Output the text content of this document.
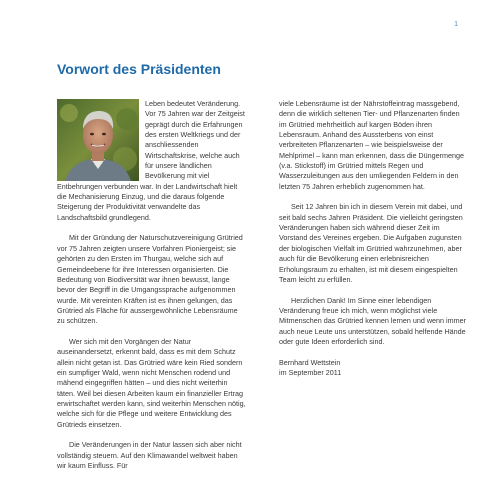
1
Vorwort des Präsidenten

Leben bedeutet Veränderung. Vor 75 Jahren war der Zeitgeist geprägt durch die Erfahrungen des ersten Weltkriegs und der anschliessenden Wirtschaftskrise, welche auch für unsere ländlichen Bevölkerung mit viel Entbehrungen verbunden war. In der Landwirtschaft hielt die Mechanisierung Einzug, und die daraus folgende Steigerung der Produktivität verwandelte das Landschaftsbild grundlegend.

Mit der Gründung der Naturschutzvereinigung Grütried vor 75 Jahren zeigten unsere Vorfahren Pioniergeist; sie gehörten zu den Ersten im Thurgau, welche sich auf Gemeindeebene für ihre Interessen organisierten. Die Bedeutung von Biodiversität war ihnen bewusst, lange bevor der Begriff in die Umgangssprache aufgenommen wurde. Mit vereinten Kräften ist es ihnen gelungen, das Grütried als Fläche für aussergewöhnliche Lebensräume zu schützen.

Wer sich mit den Vorgängen der Natur auseinandersetzt, erkennt bald, dass es mit dem Schutz allein nicht getan ist. Das Grütried wäre kein Ried sondern ein sumpfiger Wald, wenn nicht Menschen rodend und mähend eingegriffen hätten – und dies nicht weiterhin täten. Weil bei diesen Arbeiten kaum ein finanzieller Ertrag erwirtschaftet werden kann, sind weiterhin Menschen nötig, welche sich für die Pflege und weitere Entwicklung des Grütrieds einsetzen.

Die Veränderungen in der Natur lassen sich aber nicht vollständig steuern. Auf den Klimawandel weltweit haben wir kaum Einfluss. Für

viele Lebensräume ist der Nährstoffeintrag massgebend, denn die wirklich seltenen Tier- und Pflanzenarten finden im Grütried mehrheitlich auf kargen Böden ihren Lebensraum. Anhand des Aussterbens von einst verbreiteten Pflanzenarten – wie beispielsweise der Mehlprimel – kann man erkennen, dass die Düngermenge (v.a. Stickstoff) im Grütried mittels Regen und Wasserzuleitungen aus den umliegenden Feldern in den letzten 75 Jahren erheblich zugenommen hat.

Seit 12 Jahren bin ich in diesem Verein mit dabei, und seit bald sechs Jahren Präsident. Die vielleicht geringsten Veränderungen haben sich während dieser Zeit im Vorstand des Vereines ergeben. Die Aufgaben zugunsten der biologischen Vielfalt im Grütried wahrzunehmen, aber auch für die Bevölkerung einen erlebnisreichen Erholungsraum zu erhalten, ist mit diesem eingespielten Team leicht zu erfüllen.

Herzlichen Dank! Im Sinne einer lebendigen Veränderung freue ich mich, wenn möglichst viele Mitmenschen das Grütried kennen lernen und wenn immer auch neue Leute uns unterstützen, sobald helfende Hände oder gute Ideen erforderlich sind.

Bernhard Wettstein
im September 2011
